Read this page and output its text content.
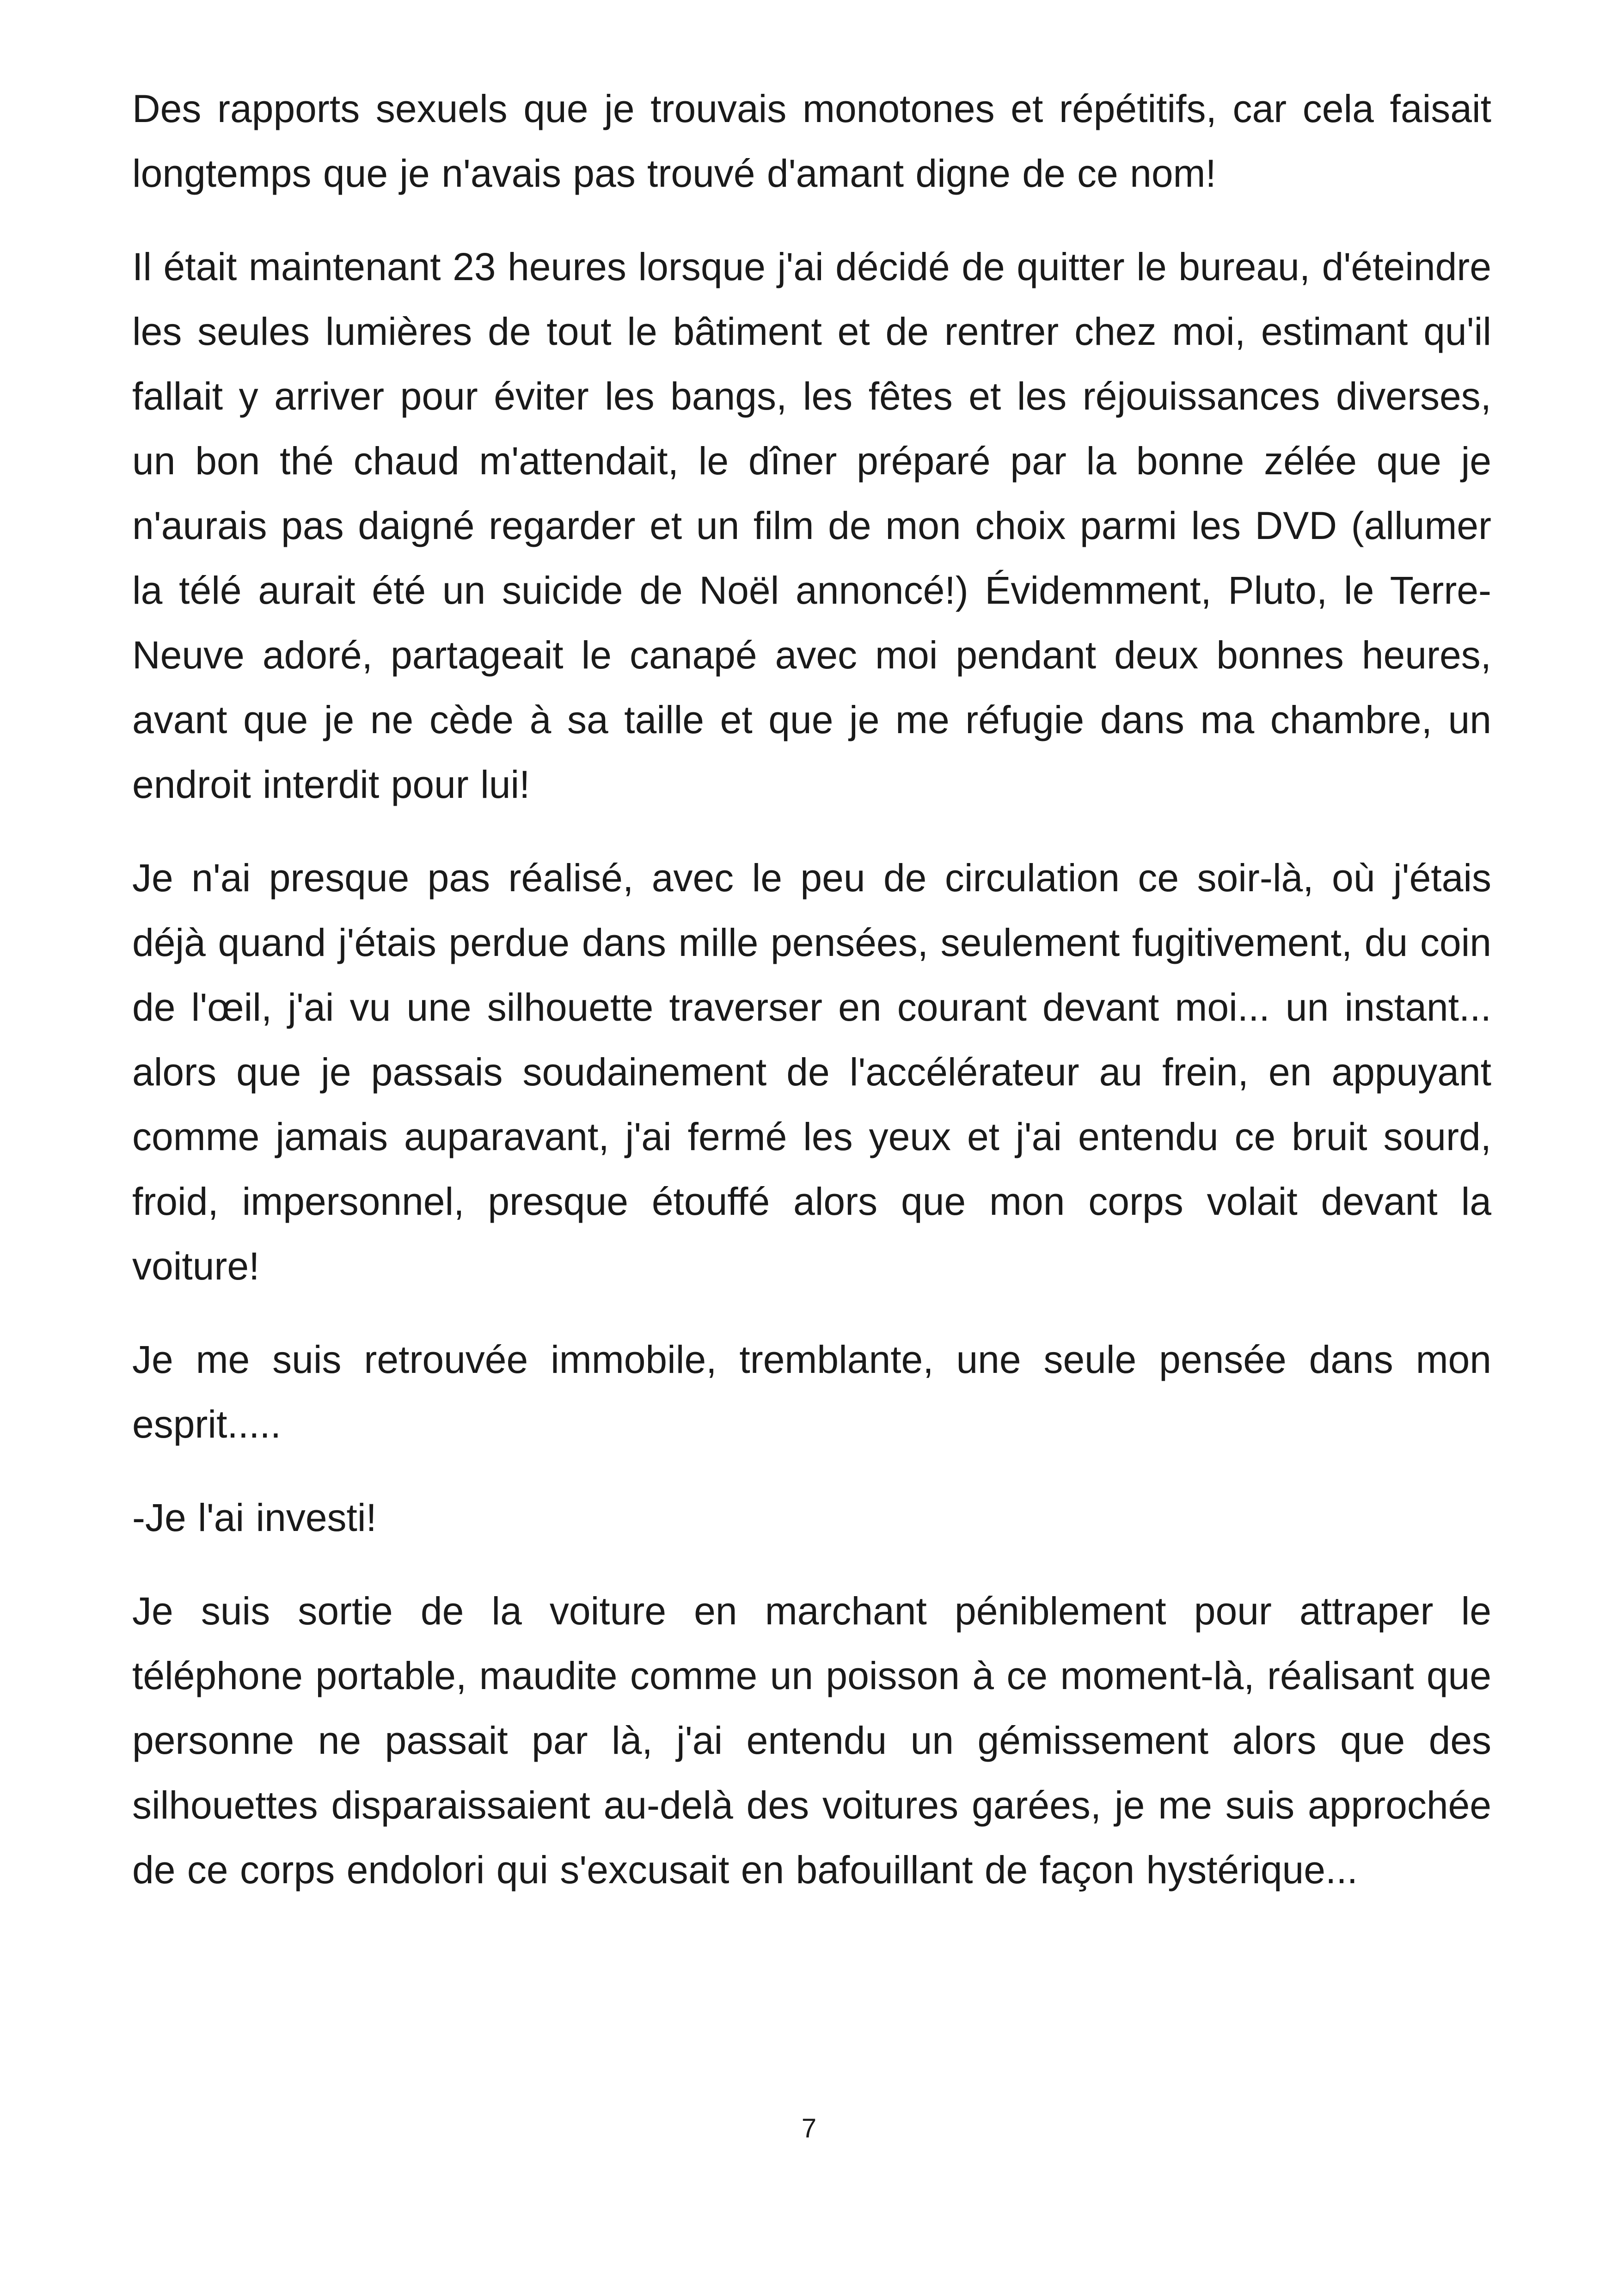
Des rapports sexuels que je trouvais monotones et répétitifs, car cela faisait longtemps que je n'avais pas trouvé d'amant digne de ce nom!

Il était maintenant 23 heures lorsque j'ai décidé de quitter le bureau, d'éteindre les seules lumières de tout le bâtiment et de rentrer chez moi, estimant qu'il fallait y arriver pour éviter les bangs, les fêtes et les réjouissances diverses, un bon thé chaud m'attendait, le dîner préparé par la bonne zélée que je n'aurais pas daigné regarder et un film de mon choix parmi les DVD (allumer la télé aurait été un suicide de Noël annoncé!) Évidemment, Pluto, le Terre-Neuve adoré, partageait le canapé avec moi pendant deux bonnes heures, avant que je ne cède à sa taille et que je me réfugie dans ma chambre, un endroit interdit pour lui!

Je n'ai presque pas réalisé, avec le peu de circulation ce soir-là, où j'étais déjà quand j'étais perdue dans mille pensées, seulement fugitivement, du coin de l'œil, j'ai vu une silhouette traverser en courant devant moi... un instant... alors que je passais soudainement de l'accélérateur au frein, en appuyant comme jamais auparavant, j'ai fermé les yeux et j'ai entendu ce bruit sourd, froid, impersonnel, presque étouffé alors que mon corps volait devant la voiture!

Je me suis retrouvée immobile, tremblante, une seule pensée dans mon esprit.....

-Je l'ai investi!

Je suis sortie de la voiture en marchant péniblement pour attraper le téléphone portable, maudite comme un poisson à ce moment-là, réalisant que personne ne passait par là, j'ai entendu un gémissement alors que des silhouettes disparaissaient au-delà des voitures garées, je me suis approchée de ce corps endolori qui s'excusait en bafouillant de façon hystérique...

7
